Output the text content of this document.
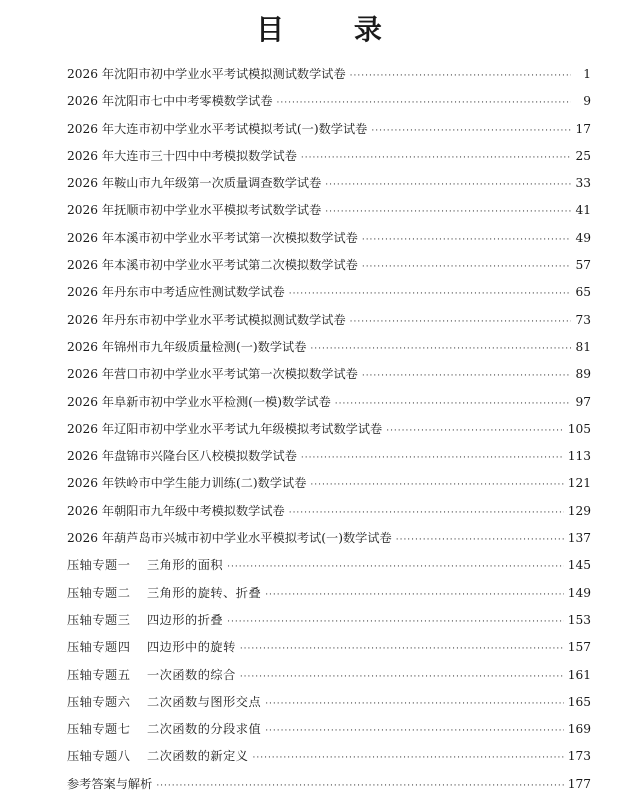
目 录
2026 年沈阳市初中学业水平考试模拟测试数学试卷 ·····	1
2026 年沈阳市七中中考零模数学试卷 ·····	9
2026 年大连市初中学业水平考试模拟考试(一)数学试卷 ·····	17
2026 年大连市三十四中中考模拟数学试卷 ·····	25
2026 年鞍山市九年级第一次质量调查数学试卷 ·····	33
2026 年抚顺市初中学业水平模拟考试数学试卷 ·····	41
2026 年本溪市初中学业水平考试第一次模拟数学试卷 ·····	49
2026 年本溪市初中学业水平考试第二次模拟数学试卷 ·····	57
2026 年丹东市中考适应性测试数学试卷 ·····	65
2026 年丹东市初中学业水平考试模拟测试数学试卷 ·····	73
2026 年锦州市九年级质量检测(一)数学试卷 ·····	81
2026 年营口市初中学业水平考试第一次模拟数学试卷 ·····	89
2026 年阜新市初中学业水平检测(一模)数学试卷 ·····	97
2026 年辽阳市初中学业水平考试九年级模拟考试数学试卷 ·····	105
2026 年盘锦市兴隆台区八校模拟数学试卷 ·····	113
2026 年铁岭市中学生能力训练(二)数学试卷 ·····	121
2026 年朝阳市九年级中考模拟数学试卷 ·····	129
2026 年葫芦岛市兴城市初中学业水平模拟考试(一)数学试卷 ·····	137
压轴专题一 三角形的面积 ·····	145
压轴专题二 三角形的旋转、折叠 ·····	149
压轴专题三 四边形的折叠 ·····	153
压轴专题四 四边形中的旋转 ·····	157
压轴专题五 一次函数的综合 ·····	161
压轴专题六 二次函数与图形交点 ·····	165
压轴专题七 二次函数的分段求值 ·····	169
压轴专题八 二次函数的新定义 ·····	173
参考答案与解析 ·····	177
